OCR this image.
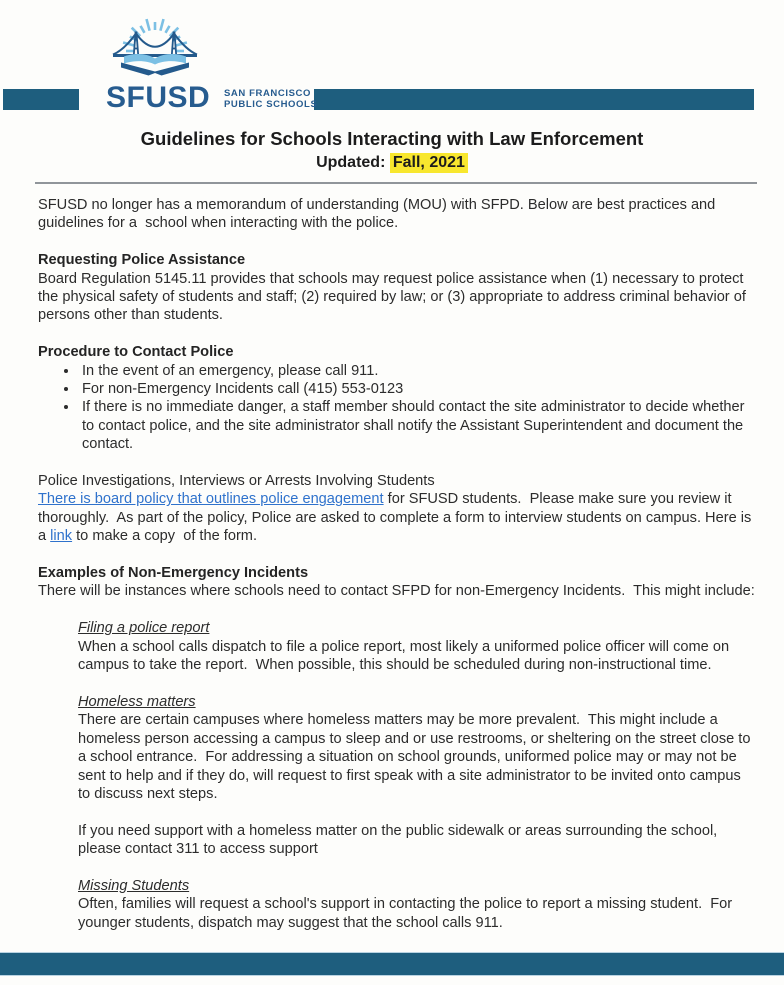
SFUSD SAN FRANCISCO
PUBLIC SCHOOLS
Guidelines for Schools Interacting with Law Enforcement
Updated: Fall, 2021

SFUSD no longer has a memorandum of understanding (MOU) with SFPD. Below are best practices and guidelines for a  school when interacting with the police.

Requesting Police Assistance

Board Regulation 5145.11 provides that schools may request police assistance when (1) necessary to protect the physical safety of students and staff; (2) required by law; or (3) appropriate to address criminal behavior of persons other than students.

Procedure to Contact Police
• In the event of an emergency, please call 911.
• For non-Emergency Incidents call (415) 553-0123
• If there is no immediate danger, a staff member should contact the site administrator to decide whether to contact police, and the site administrator shall notify the Assistant Superintendent and document the contact.

Police Investigations, Interviews or Arrests Involving Students

There is board policy that outlines police engagement for SFUSD students.  Please make sure you review it thoroughly.  As part of the policy, Police are asked to complete a form to interview students on campus. Here is a link to make a copy  of the form.

Examples of Non-Emergency Incidents

There will be instances where schools need to contact SFPD for non-Emergency Incidents.  This might include:

Filing a police report

When a school calls dispatch to file a police report, most likely a uniformed police officer will come on campus to take the report.  When possible, this should be scheduled during non-instructional time.

Homeless matters

There are certain campuses where homeless matters may be more prevalent.  This might include a homeless person accessing a campus to sleep and or use restrooms, or sheltering on the street close to a school entrance.  For addressing a situation on school grounds, uniformed police may or may not be sent to help and if they do, will request to first speak with a site administrator to be invited onto campus to discuss next steps.

If you need support with a homeless matter on the public sidewalk or areas surrounding the school, please contact 311 to access support

Missing Students

Often, families will request a school's support in contacting the police to report a missing student.  For younger students, dispatch may suggest that the school calls 911.
